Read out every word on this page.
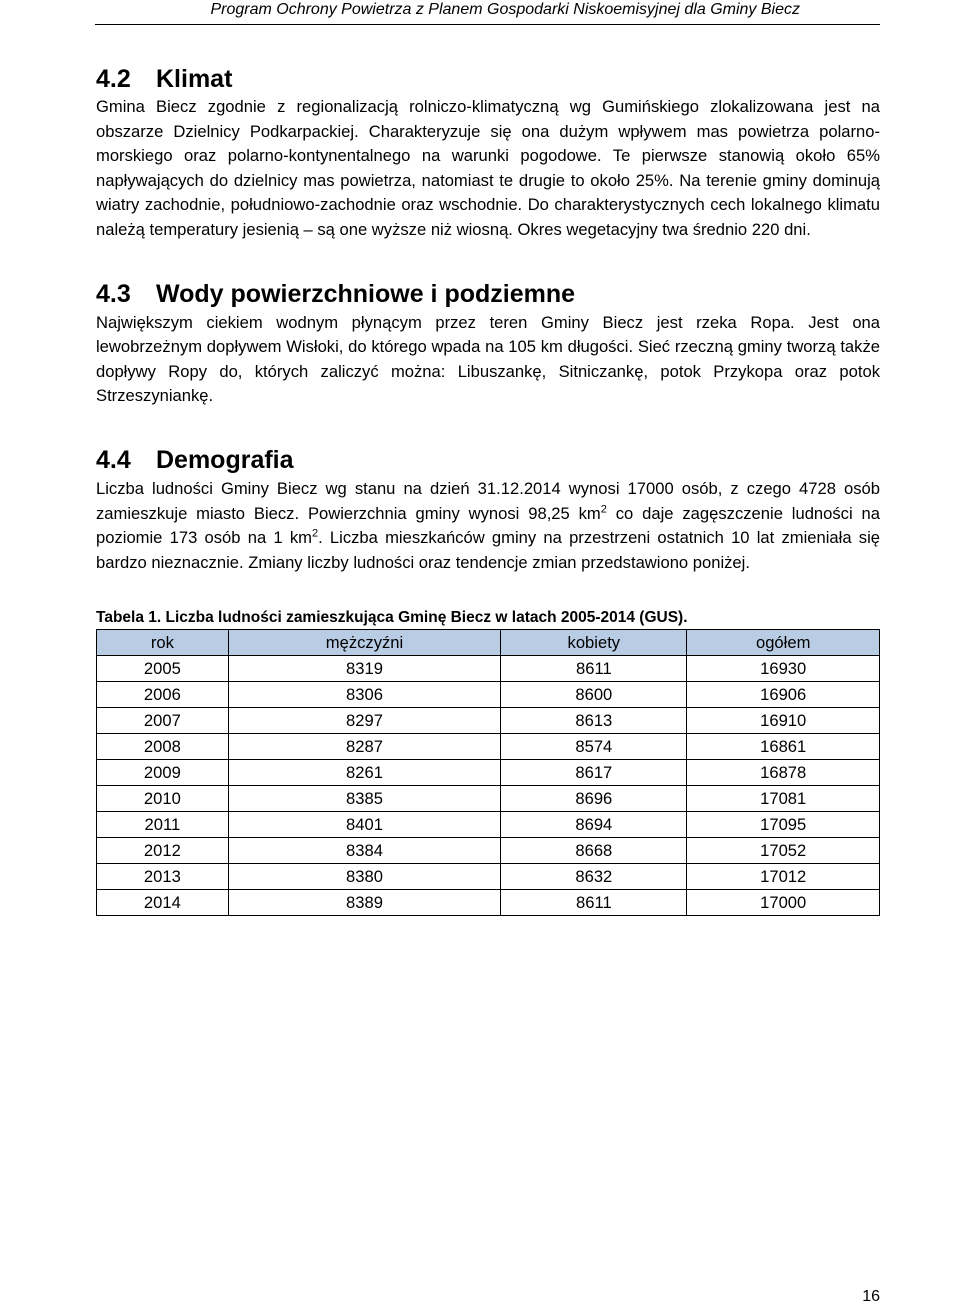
Program Ochrony Powietrza z Planem Gospodarki Niskoemisyjnej dla Gminy Biecz
4.2 Klimat

Gmina Biecz zgodnie z regionalizacją rolniczo-klimatyczną wg Gumińskiego zlokalizowana jest na obszarze Dzielnicy Podkarpackiej. Charakteryzuje się ona dużym wpływem mas powietrza polarno-morskiego oraz polarno-kontynentalnego na warunki pogodowe. Te pierwsze stanowią około 65% napływających do dzielnicy mas powietrza, natomiast te drugie to około 25%. Na terenie gminy dominują wiatry zachodnie, południowo-zachodnie oraz wschodnie. Do charakterystycznych cech lokalnego klimatu należą temperatury jesienią – są one wyższe niż wiosną. Okres wegetacyjny twa średnio 220 dni.

4.3 Wody powierzchniowe i podziemne

Największym ciekiem wodnym płynącym przez teren Gminy Biecz jest rzeka Ropa. Jest ona lewobrzeżnym dopływem Wisłoki, do którego wpada na 105 km długości. Sieć rzeczną gminy tworzą także dopływy Ropy do, których zaliczyć można: Libuszankę, Sitniczankę, potok Przykopa oraz potok Strzeszyniankę.

4.4 Demografia

Liczba ludności Gminy Biecz wg stanu na dzień 31.12.2014 wynosi 17000 osób, z czego 4728 osób zamieszkuje miasto Biecz. Powierzchnia gminy wynosi 98,25 $km^2$ co daje zagęszczenie ludności na poziomie 173 osób na 1 $km^2$. Liczba mieszkańców gminy na przestrzeni ostatnich 10 lat zmieniała się bardzo nieznacznie. Zmiany liczby ludności oraz tendencje zmian przedstawiono poniżej.

Tabela 1. Liczba ludności zamieszkująca Gminę Biecz w latach 2005-2014 (GUS).
rok	mężczyźni	kobiety	ogółem
2005	8319	8611	16930
2006	8306	8600	16906
2007	8297	8613	16910
2008	8287	8574	16861
2009	8261	8617	16878
2010	8385	8696	17081
2011	8401	8694	17095
2012	8384	8668	17052
2013	8380	8632	17012
2014	8389	8611	17000
16
